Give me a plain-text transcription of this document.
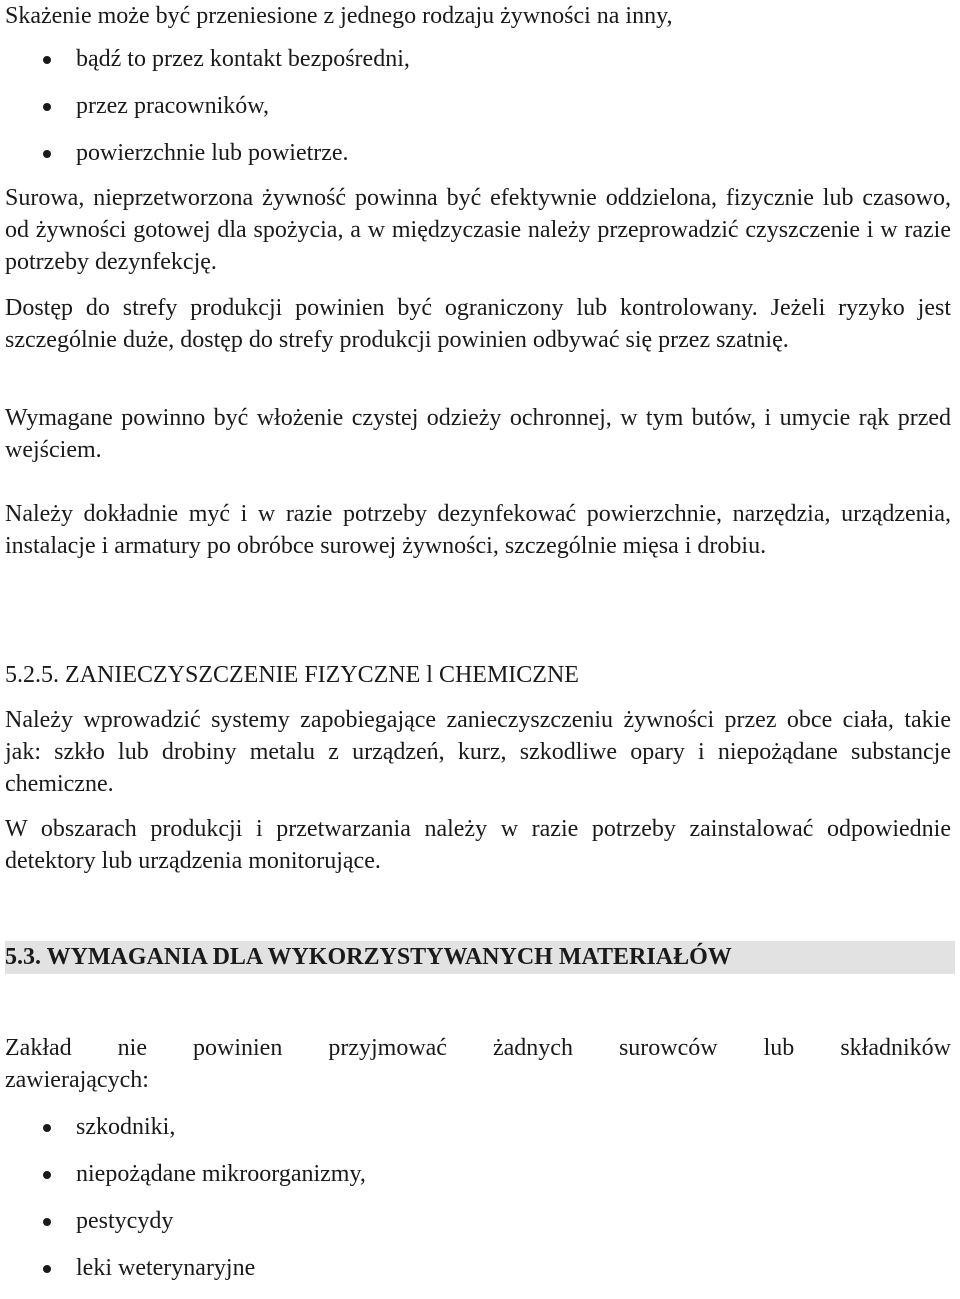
Skażenie może być przeniesione z jednego rodzaju żywności na inny,

bądź to przez kontakt bezpośredni,
przez pracowników,
powierzchnie lub powietrze.

Surowa, nieprzetworzona żywność powinna być efektywnie oddzielona, fizycznie lub czasowo, od żywności gotowej dla spożycia, a w międzyczasie należy przeprowadzić czyszczenie i w razie potrzeby dezynfekcję.

Dostęp do strefy produkcji powinien być ograniczony lub kontrolowany. Jeżeli ryzyko jest szczególnie duże, dostęp do strefy produkcji powinien odbywać się przez szatnię.

Wymagane powinno być włożenie czystej odzieży ochronnej, w tym butów, i umycie rąk przed wejściem.

Należy dokładnie myć i w razie potrzeby dezynfekować powierzchnie, narzędzia, urządzenia, instalacje i armatury po obróbce surowej żywności, szczególnie mięsa i drobiu.

5.2.5. ZANIECZYSZCZENIE FIZYCZNE l CHEMICZNE

Należy wprowadzić systemy zapobiegające zanieczyszczeniu żywności przez obce ciała, takie jak: szkło lub drobiny metalu z urządzeń, kurz, szkodliwe opary i niepożądane substancje chemiczne.

W obszarach produkcji i przetwarzania należy w razie potrzeby zainstalować odpowiednie detektory lub urządzenia monitorujące.

5.3. WYMAGANIA DLA WYKORZYSTYWANYCH MATERIAŁÓW
Zakład nie powinien przyjmować żadnych surowców lub składników
zawierających:
szkodniki,
niepożądane mikroorganizmy,
pestycydy
leki weterynaryjne
